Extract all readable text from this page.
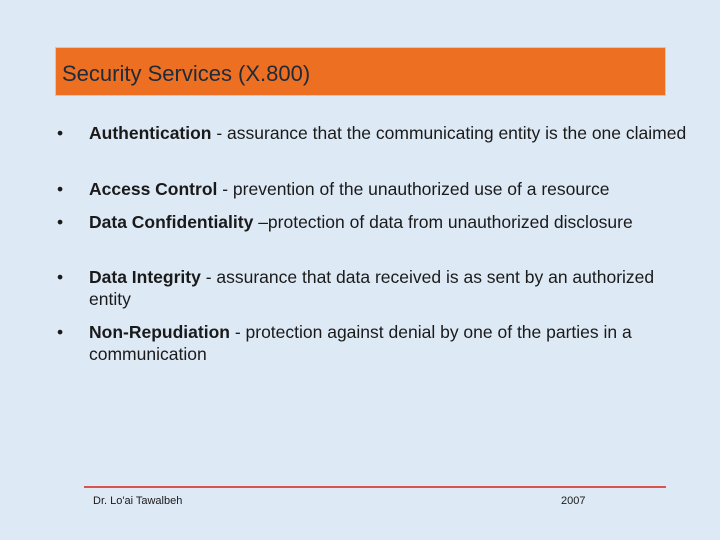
Security Services (X.800)
•	Authentication - assurance that the communicating entity is the one claimed
•	Access Control - prevention of the unauthorized use of a resource
•	Data Confidentiality –protection of data from unauthorized disclosure
•	Data Integrity - assurance that data received is as sent by an authorized entity
•	Non-Repudiation - protection against denial by one of the parties in a communication
Dr. Lo'ai Tawalbeh	2007
